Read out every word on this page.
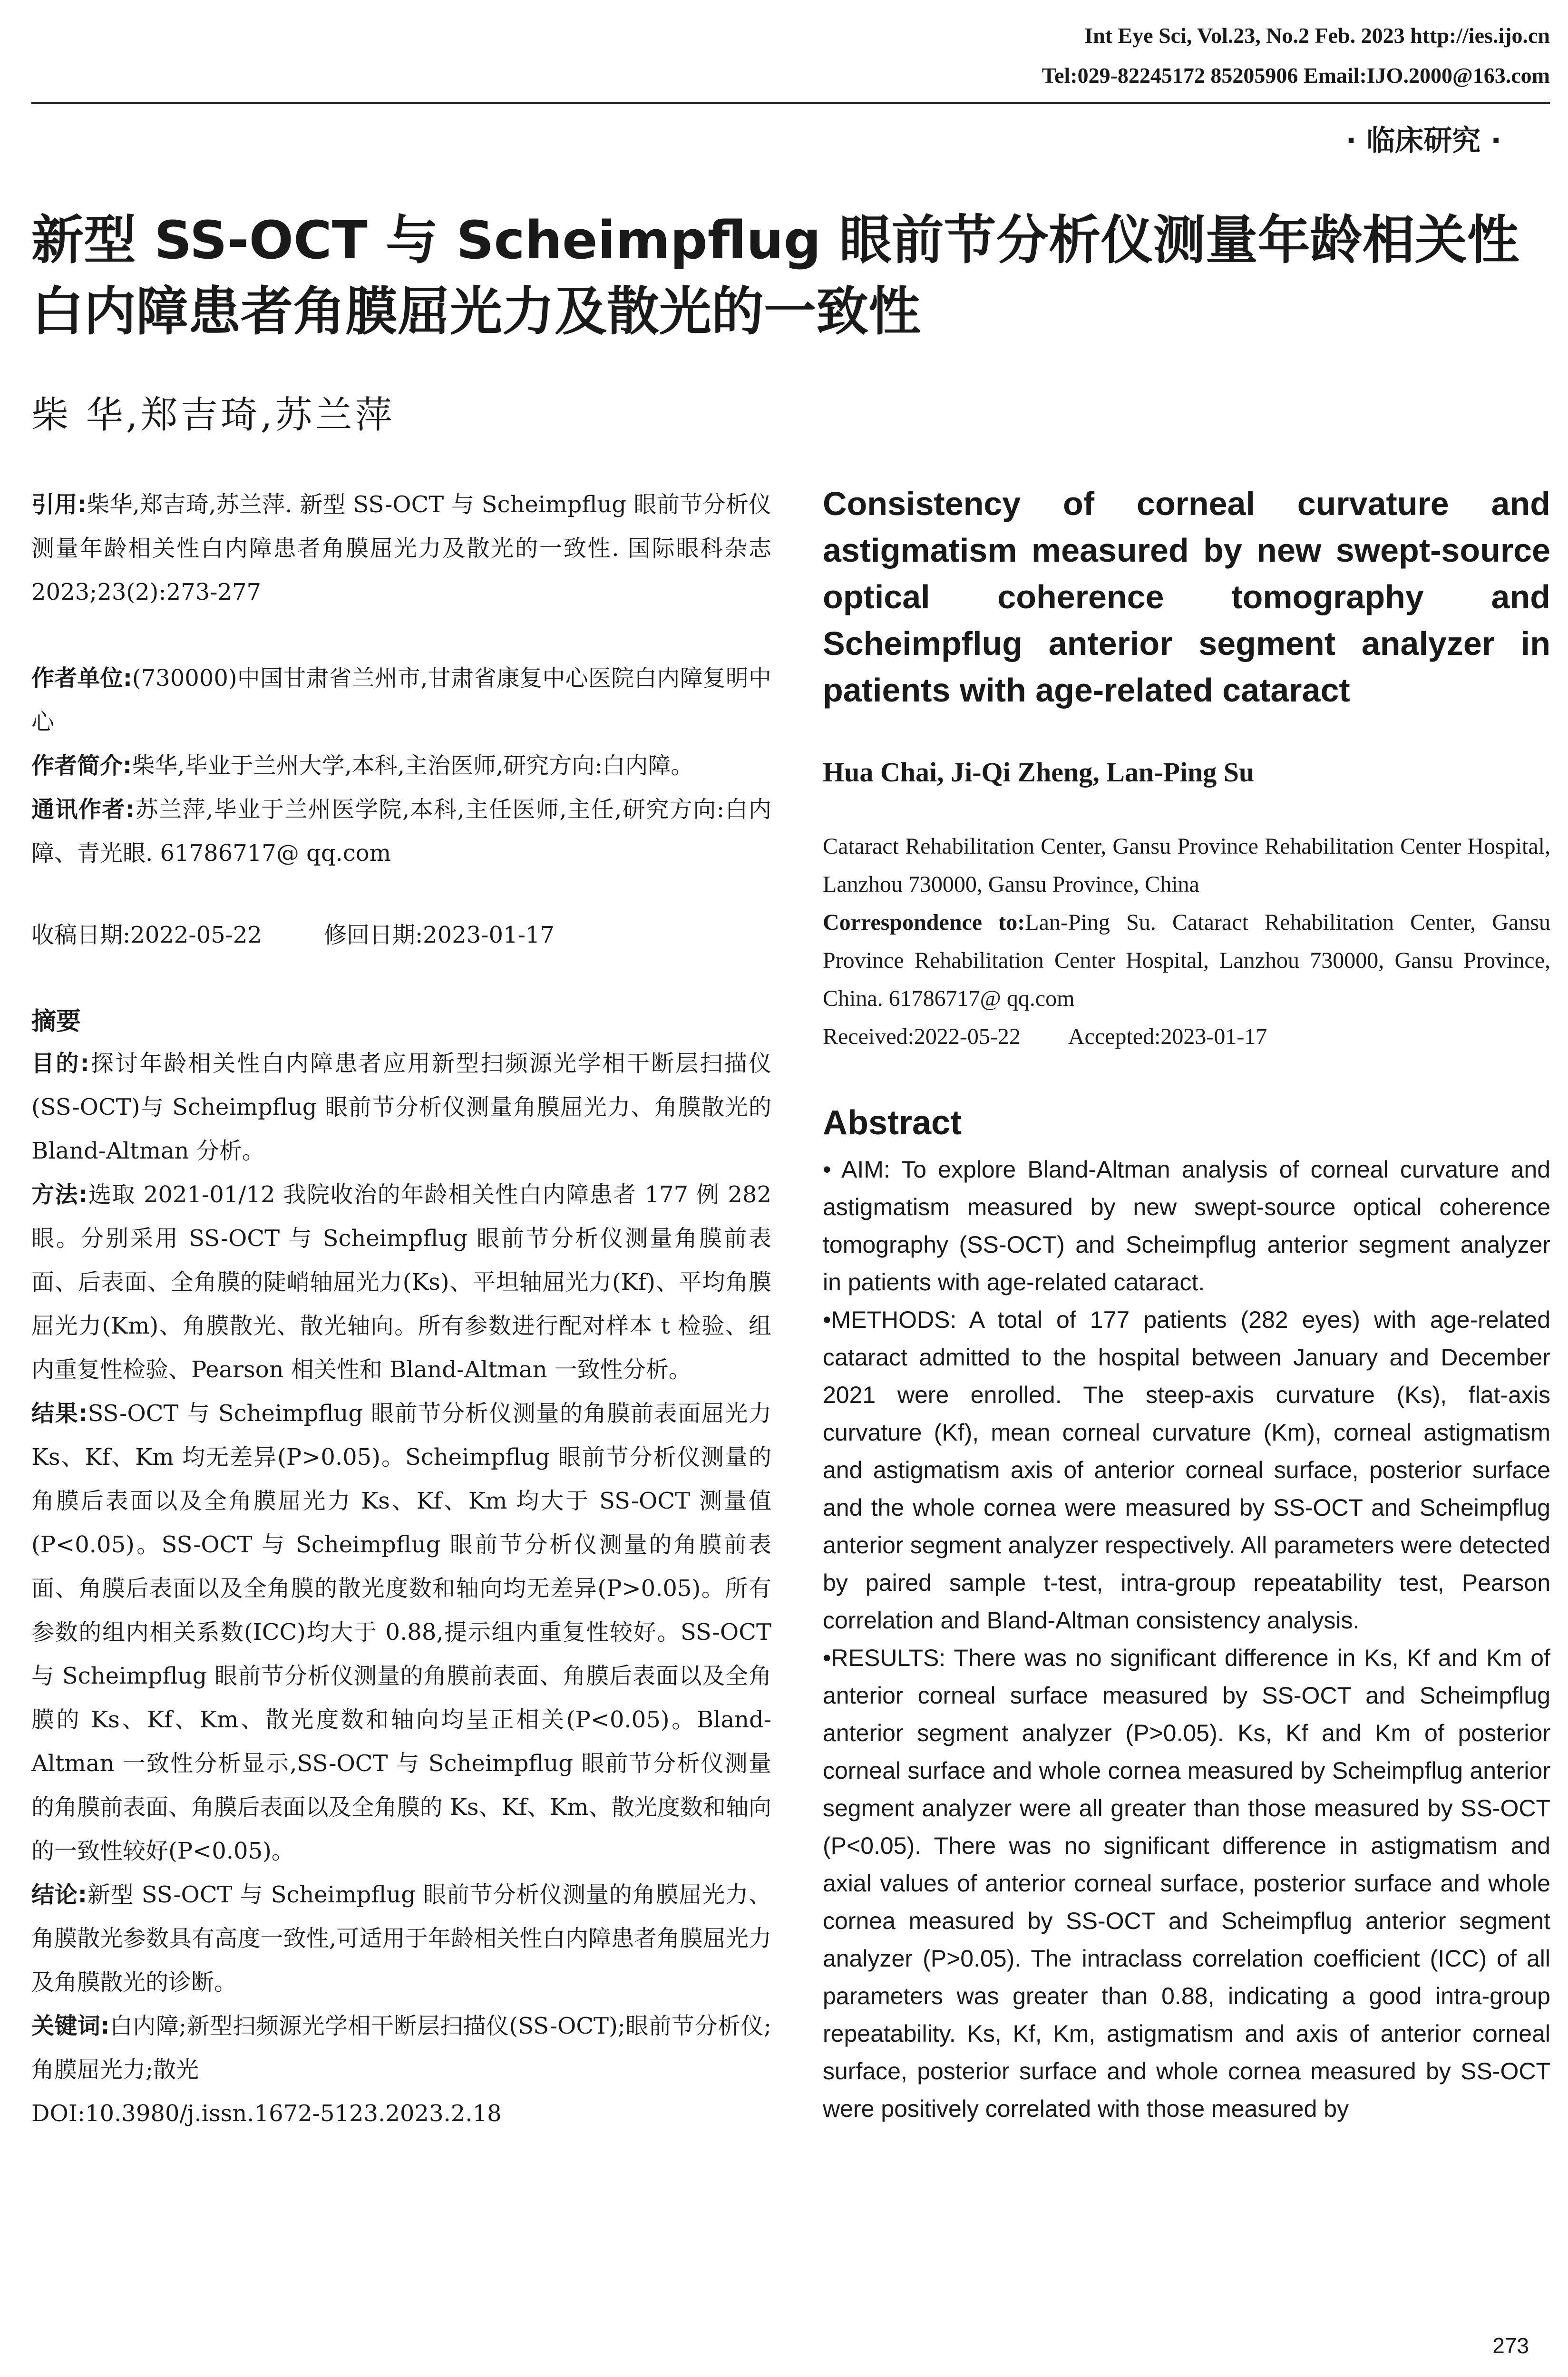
Int Eye Sci, Vol.23, No.2 Feb. 2023 http://ies.ijo.cn
Tel:029-82245172 85205906 Email:IJO.2000@163.com
· 临床研究 ·
新型 SS-OCT 与 Scheimpflug 眼前节分析仪测量年龄相关性白内障患者角膜屈光力及散光的一致性
柴 华,郑吉琦,苏兰萍
引用:柴华,郑吉琦,苏兰萍. 新型 SS-OCT 与 Scheimpflug 眼前节分析仪测量年龄相关性白内障患者角膜屈光力及散光的一致性. 国际眼科杂志 2023;23(2):273-277

作者单位:(730000)中国甘肃省兰州市,甘肃省康复中心医院白内障复明中心

作者简介:柴华,毕业于兰州大学,本科,主治医师,研究方向:白内障。

通讯作者:苏兰萍,毕业于兰州医学院,本科,主任医师,主任,研究方向:白内障、青光眼. 61786717@ qq.com

收稿日期:2022-05-22	修回日期:2023-01-17
摘要

目的:探讨年龄相关性白内障患者应用新型扫频源光学相干断层扫描仪(SS-OCT)与 Scheimpflug 眼前节分析仪测量角膜屈光力、角膜散光的 Bland-Altman 分析。

方法:选取 2021-01/12 我院收治的年龄相关性白内障患者 177 例 282 眼。分别采用 SS-OCT 与 Scheimpflug 眼前节分析仪测量角膜前表面、后表面、全角膜的陡峭轴屈光力(Ks)、平坦轴屈光力(Kf)、平均角膜屈光力(Km)、角膜散光、散光轴向。所有参数进行配对样本 t 检验、组内重复性检验、Pearson 相关性和 Bland-Altman 一致性分析。

结果:SS-OCT 与 Scheimpflug 眼前节分析仪测量的角膜前表面屈光力 Ks、Kf、Km 均无差异(P>0.05)。Scheimpflug 眼前节分析仪测量的角膜后表面以及全角膜屈光力 Ks、Kf、Km 均大于 SS-OCT 测量值(P<0.05)。SS-OCT 与 Scheimpflug 眼前节分析仪测量的角膜前表面、角膜后表面以及全角膜的散光度数和轴向均无差异(P>0.05)。所有参数的组内相关系数(ICC)均大于 0.88,提示组内重复性较好。SS-OCT 与 Scheimpflug 眼前节分析仪测量的角膜前表面、角膜后表面以及全角膜的 Ks、Kf、Km、散光度数和轴向均呈正相关(P<0.05)。Bland-Altman 一致性分析显示,SS-OCT 与 Scheimpflug 眼前节分析仪测量的角膜前表面、角膜后表面以及全角膜的 Ks、Kf、Km、散光度数和轴向的一致性较好(P<0.05)。

结论:新型 SS-OCT 与 Scheimpflug 眼前节分析仪测量的角膜屈光力、角膜散光参数具有高度一致性,可适用于年龄相关性白内障患者角膜屈光力及角膜散光的诊断。

关键词:白内障;新型扫频源光学相干断层扫描仪(SS-OCT);眼前节分析仪;角膜屈光力;散光

DOI:10.3980/j.issn.1672-5123.2023.2.18

Consistency of corneal curvature and astigmatism measured by new swept-source optical coherence tomography and Scheimpflug anterior segment analyzer in patients with age-related cataract
Hua Chai, Ji-Qi Zheng, Lan-Ping Su

Cataract Rehabilitation Center, Gansu Province Rehabilitation Center Hospital, Lanzhou 730000, Gansu Province, China

Correspondence to:Lan-Ping Su. Cataract Rehabilitation Center, Gansu Province Rehabilitation Center Hospital, Lanzhou 730000, Gansu Province, China. 61786717@ qq.com

Received:2022-05-22 Accepted:2023-01-17

Abstract

• AIM: To explore Bland-Altman analysis of corneal curvature and astigmatism measured by new swept-source optical coherence tomography (SS-OCT) and Scheimpflug anterior segment analyzer in patients with age-related cataract.

•METHODS: A total of 177 patients (282 eyes) with age-related cataract admitted to the hospital between January and December 2021 were enrolled. The steep-axis curvature (Ks), flat-axis curvature (Kf), mean corneal curvature (Km), corneal astigmatism and astigmatism axis of anterior corneal surface, posterior surface and the whole cornea were measured by SS-OCT and Scheimpflug anterior segment analyzer respectively. All parameters were detected by paired sample t-test, intra-group repeatability test, Pearson correlation and Bland-Altman consistency analysis.

•RESULTS: There was no significant difference in Ks, Kf and Km of anterior corneal surface measured by SS-OCT and Scheimpflug anterior segment analyzer (P>0.05). Ks, Kf and Km of posterior corneal surface and whole cornea measured by Scheimpflug anterior segment analyzer were all greater than those measured by SS-OCT (P<0.05). There was no significant difference in astigmatism and axial values of anterior corneal surface, posterior surface and whole cornea measured by SS-OCT and Scheimpflug anterior segment analyzer (P>0.05). The intraclass correlation coefficient (ICC) of all parameters was greater than 0.88, indicating a good intra-group repeatability. Ks, Kf, Km, astigmatism and axis of anterior corneal surface, posterior surface and whole cornea measured by SS-OCT were positively correlated with those measured by

273
